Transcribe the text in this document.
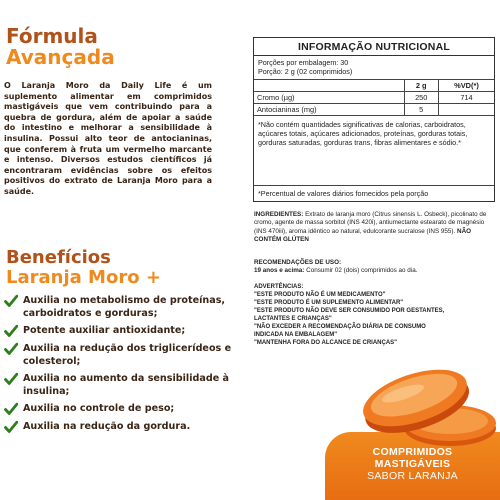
Fórmula
Avançada

O Laranja Moro da Daily Life é um suplemento alimentar em comprimidos mastigáveis que vem contribuindo para a quebra de gordura, além de apoiar a saúde do intestino e melhorar a sensibilidade à insulina. Possui alto teor de antocianinas, que conferem à fruta um vermelho marcante e intenso. Diversos estudos científicos já encontraram evidências sobre os efeitos positivos do extrato de Laranja Moro para a saúde.

Benefícios
Laranja Moro +
Auxilia no metabolismo de proteínas, carboidratos e gorduras;
Potente auxiliar antioxidante;
Auxilia na redução dos triglicerídeos e colesterol;
Auxilia no aumento da sensibilidade à insulina;
Auxilia no controle de peso;
Auxilia na redução da gordura.
INFORMAÇÃO NUTRICIONAL
Porções por embalagem: 30
Porção: 2 g (02 comprimidos)
	2 g	%VD(*)
Cromo (µg)	250	714
Antocianinas (mg)	5	
*Não contém quantidades significativas de calorias, carboidratos, açúcares totais, açúcares adicionados, proteínas, gorduras totais, gorduras saturadas, gorduras trans, fibras alimentares e sódio.*
*Percentual de valores diários fornecidos pela porção

INGREDIENTES: Extrato de laranja moro (Citrus sinensis L. Osbeck), picolinato de cromo, agente de massa sorbitol (INS 420i), antiumectante estearato de magnésio (INS 470iii), aroma idêntico ao natural, edulcorante sucralose (INS 955). NÃO CONTÉM GLÚTEN

RECOMENDAÇÕES DE USO:
19 anos e acima: Consumir 02 (dois) comprimidos ao dia.
ADVERTÊNCIAS:
"ESTE PRODUTO NÃO É UM MEDICAMENTO"
"ESTE PRODUTO É UM SUPLEMENTO ALIMENTAR"
"ESTE PRODUTO NÃO DEVE SER CONSUMIDO POR GESTANTES,
LACTANTES E CRIANÇAS"
"NÃO EXCEDER A RECOMENDAÇÃO DIÁRIA DE CONSUMO
INDICADA NA EMBALAGEM"
"MANTENHA FORA DO ALCANCE DE CRIANÇAS"
COMPRIMIDOS
MASTIGÁVEIS
SABOR LARANJA
